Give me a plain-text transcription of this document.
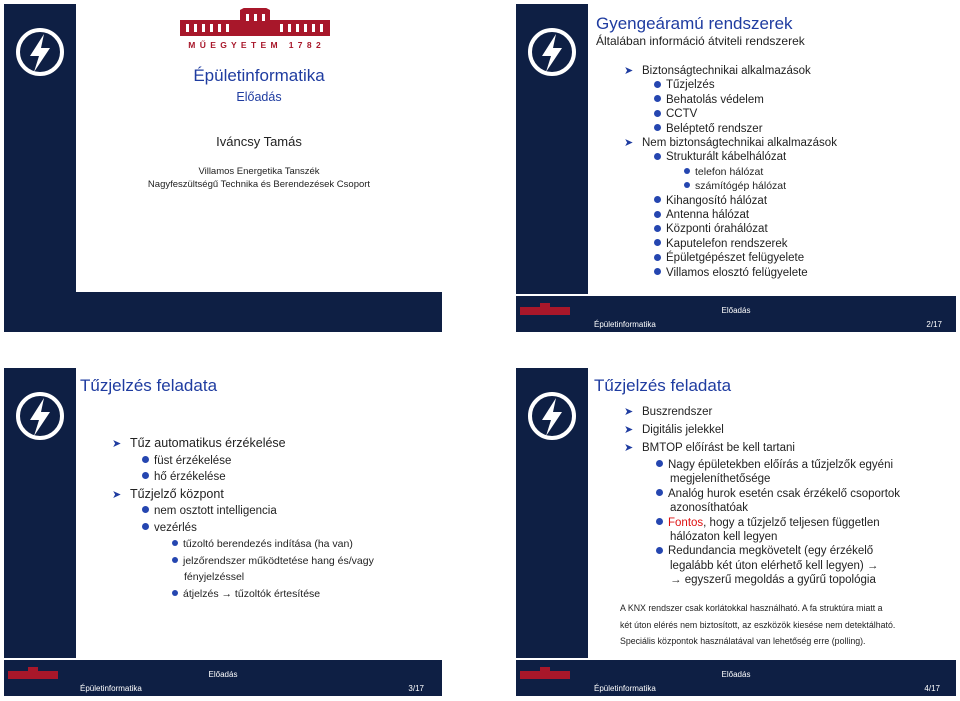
M Ű E G Y E T E M   1 7 8 2
Épületinformatika
Előadás
Iváncsy Tamás
Villamos Energetika Tanszék
Nagyfeszültségű Technika és Berendezések Csoport
Gyengeáramú rendszerek
Általában információ átviteli rendszerek
➤ Biztonságtechnikai alkalmazások
Tűzjelzés
Behatolás védelem
CCTV
Beléptető rendszer
➤ Nem biztonságtechnikai alkalmazások
Strukturált kábelhálózat
telefon hálózat
számítógép hálózat
Kihangosító hálózat
Antenna hálózat
Központi órahálózat
Kaputelefon rendszerek
Épületgépészet felügyelete
Villamos elosztó felügyelete
Előadás
Épületinformatika	2/17
Tűzjelzés feladata
➤ Tűz automatikus érzékelése
füst érzékelése
hő érzékelése
➤ Tűzjelző központ
nem osztott intelligencia
vezérlés
tűzoltó berendezés indítása (ha van)
jelzőrendszer működtetése hang és/vagy
fényjelzéssel
átjelzés → tűzoltók értesítése
Előadás
Épületinformatika	3/17
Tűzjelzés feladata
➤ Buszrendszer
➤ Digitális jelekkel
➤ BMTOP előírást be kell tartani
Nagy épületekben előírás a tűzjelzők egyéni
megjeleníthetősége
Analóg hurok esetén csak érzékelő csoportok
azonosíthatóak
Fontos, hogy a tűzjelző teljesen független
hálózaton kell legyen
Redundancia megkövetelt (egy érzékelő
legalább két úton elérhető kell legyen) →
→ egyszerű megoldás a gyűrű topológia
A KNX rendszer csak korlátokkal használható. A fa struktúra miatt a
két úton elérés nem biztosított, az eszközök kiesése nem detektálható.
Speciális központok használatával van lehetőség erre (polling).
Előadás
Épületinformatika	4/17
